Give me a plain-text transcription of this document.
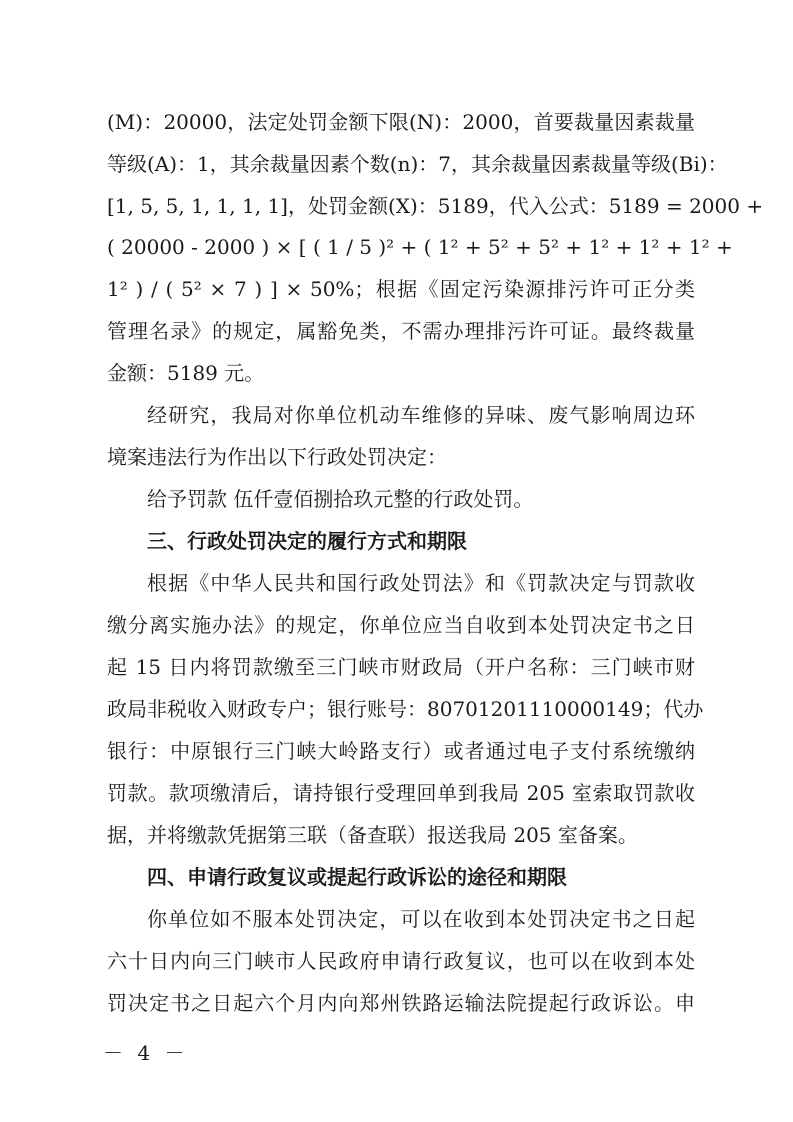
(M)：20000，法定处罚金额下限(N)：2000，首要裁量因素裁量
等级(A)：1，其余裁量因素个数(n)：7，其余裁量因素裁量等级(Bi)：
[1, 5, 5, 1, 1, 1, 1]，处罚金额(X)：5189，代入公式：5189 = 2000 +
( 20000 - 2000 ) × [ ( 1 / 5 )² + ( 1² + 5² + 5² + 1² + 1² + 1² +
1² ) / ( 5² × 7 ) ] × 50%；根据《固定污染源排污许可正分类
管理名录》的规定，属豁免类，不需办理排污许可证。最终裁量
金额：5189 元。
经研究，我局对你单位机动车维修的异味、废气影响周边环
境案违法行为作出以下行政处罚决定：
给予罚款 伍仟壹佰捌拾玖元整的行政处罚。
三、行政处罚决定的履行方式和期限
根据《中华人民共和国行政处罚法》和《罚款决定与罚款收
缴分离实施办法》的规定，你单位应当自收到本处罚决定书之日
起 15 日内将罚款缴至三门峡市财政局（开户名称：三门峡市财
政局非税收入财政专户；银行账号：80701201110000149；代办
银行：中原银行三门峡大岭路支行）或者通过电子支付系统缴纳
罚款。款项缴清后，请持银行受理回单到我局 205 室索取罚款收
据，并将缴款凭据第三联（备查联）报送我局 205 室备案。
四、申请行政复议或提起行政诉讼的途径和期限
你单位如不服本处罚决定，可以在收到本处罚决定书之日起
六十日内向三门峡市人民政府申请行政复议，也可以在收到本处
罚决定书之日起六个月内向郑州铁路运输法院提起行政诉讼。申
－ 4 －
